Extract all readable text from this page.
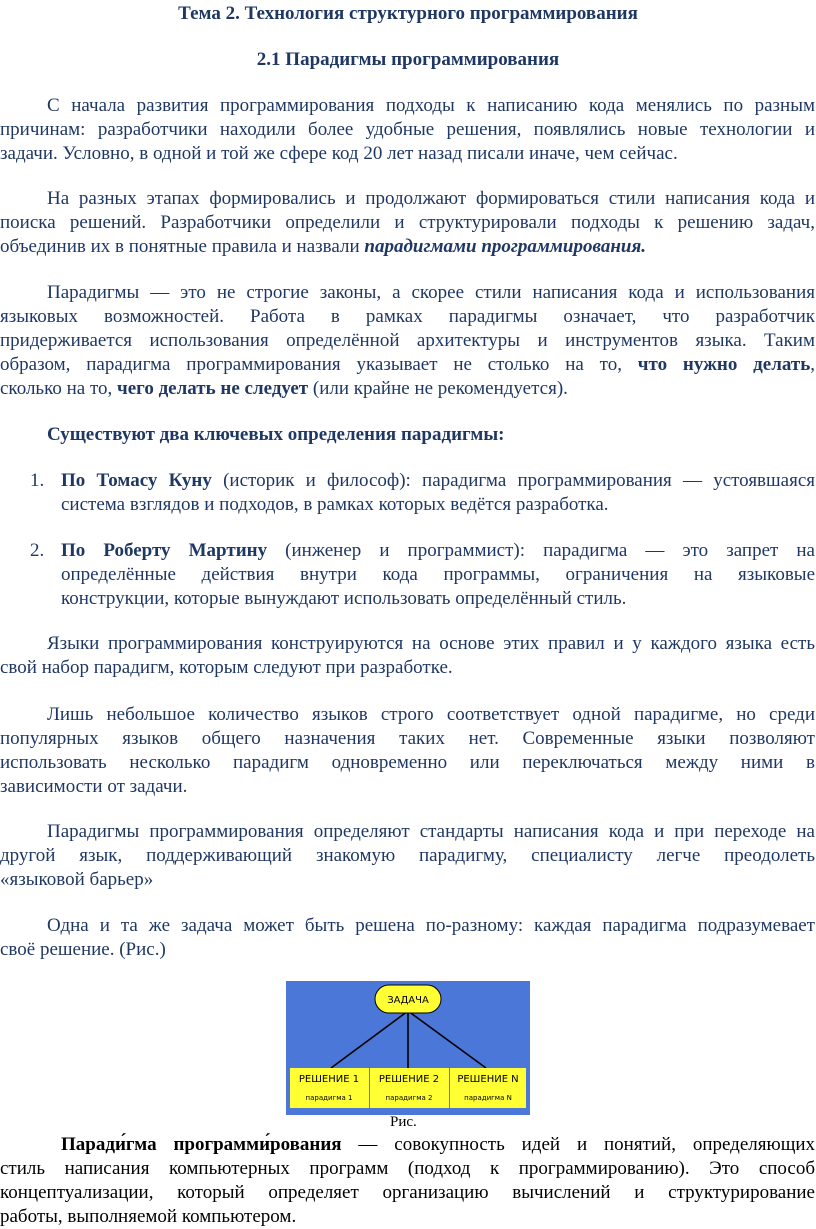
Тема 2. Технология структурного программирования
2.1 Парадигмы программирования
С начала развития программирования подходы к написанию кода менялись по разным
причинам: разработчики находили более удобные решения, появлялись новые технологии и
задачи. Условно, в одной и той же сфере код 20 лет назад писали иначе, чем сейчас.
На разных этапах формировались и продолжают формироваться стили написания кода и
поиска решений. Разработчики определили и структурировали подходы к решению задач,
объединив их в понятные правила и назвали парадигмами программирования.
Парадигмы — это не строгие законы, а скорее стили написания кода и использования
языковых возможностей. Работа в рамках парадигмы означает, что разработчик
придерживается использования определённой архитектуры и инструментов языка. Таким
образом, парадигма программирования указывает не столько на то, что нужно делать,
сколько на то, чего делать не следует (или крайне не рекомендуется).
Существуют два ключевых определения парадигмы:
1. По Томасу Куну (историк и философ): парадигма программирования — устоявшаяся
система взглядов и подходов, в рамках которых ведётся разработка.
2. По Роберту Мартину (инженер и программист): парадигма — это запрет на
определённые действия внутри кода программы, ограничения на языковые
конструкции, которые вынуждают использовать определённый стиль.
Языки программирования конструируются на основе этих правил и у каждого языка есть
свой набор парадигм, которым следуют при разработке.
Лишь небольшое количество языков строго соответствует одной парадигме, но среди
популярных языков общего назначения таких нет. Современные языки позволяют
использовать несколько парадигм одновременно или переключаться между ними в
зависимости от задачи.
Парадигмы программирования определяют стандарты написания кода и при переходе на
другой язык, поддерживающий знакомую парадигму, специалисту легче преодолеть
«языковой барьер»
Одна и та же задача может быть решена по-разному: каждая парадигма подразумевает
своё решение. (Рис.)
ЗАДАЧА
РЕШЕНИЕ 1
парадигма 1
РЕШЕНИЕ 2
парадигма 2
РЕШЕНИЕ N
парадигма N
Рис.
Паради́гма программи́рования — совокупность идей и понятий, определяющих
стиль написания компьютерных программ (подход к программированию). Это способ
концептуализации, который определяет организацию вычислений и структурирование
работы, выполняемой компьютером.
